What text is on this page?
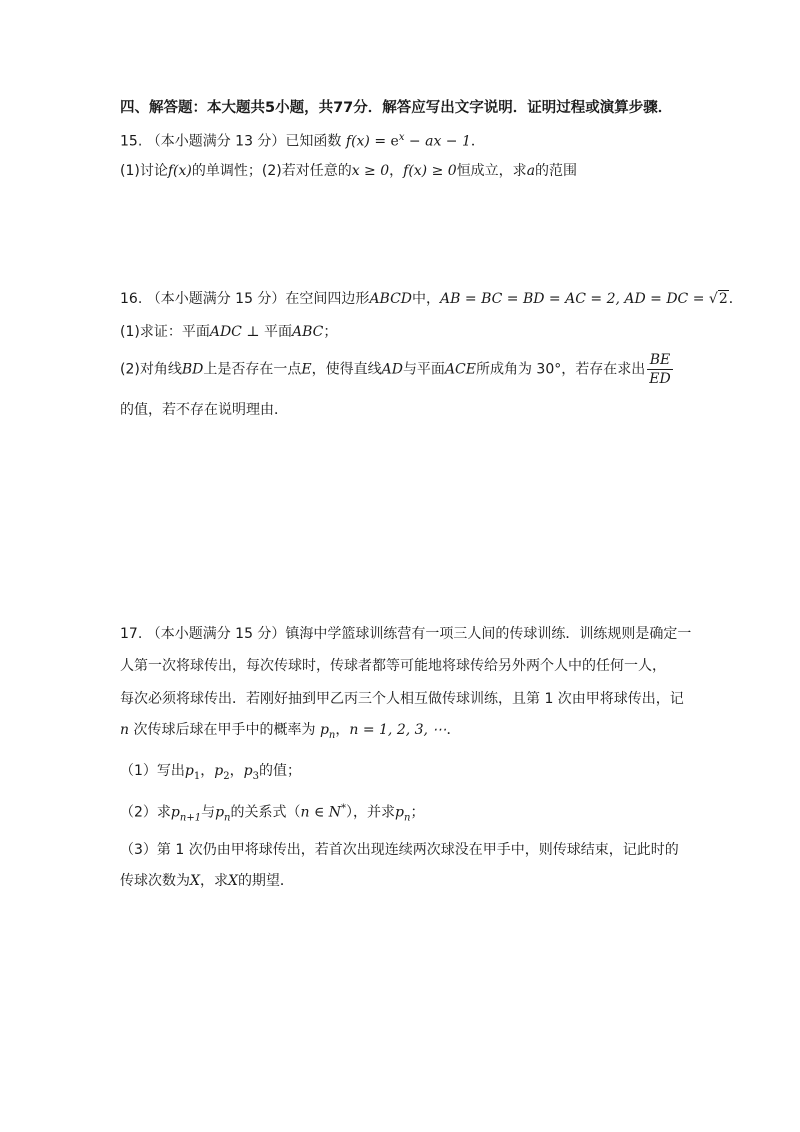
四、解答题：本大题共5小题，共77分．解答应写出文字说明．证明过程或演算步骤．
15. （本小题满分 13 分）已知函数 $f(x) = e^x$ − ax − 1．
(1)讨论f(x)的单调性；(2)若对任意的x ≥ 0，f(x) ≥ 0恒成立，求a的范围
16. （本小题满分 15 分）在空间四边形ABCD中，AB = BC = BD = AC = 2, AD = DC = √2．
(1)求证：平面ADC ⊥ 平面ABC；
(2)对角线BD上是否存在一点E，使得直线AD与平面ACE所成角为 30°，若存在求出 $\frac{BE}{ED}$
的值，若不存在说明理由．
17. （本小题满分 15 分）镇海中学篮球训练营有一项三人间的传球训练．训练规则是确定一
人第一次将球传出，每次传球时，传球者都等可能地将球传给另外两个人中的任何一人，
每次必须将球传出．若刚好抽到甲乙丙三个人相互做传球训练，且第 1 次由甲将球传出，记
n 次传球后球在甲手中的概率为 $p_n$，n = 1, 2, 3, ⋯．
（1）写出$p_1$，$p_2$，$p_3$的值；
（2）求$p_{n+1}$与$p_n$的关系式（n ∈ N*），并求$p_n$；
（3）第 1 次仍由甲将球传出，若首次出现连续两次球没在甲手中，则传球结束，记此时的
传球次数为X，求X的期望．
